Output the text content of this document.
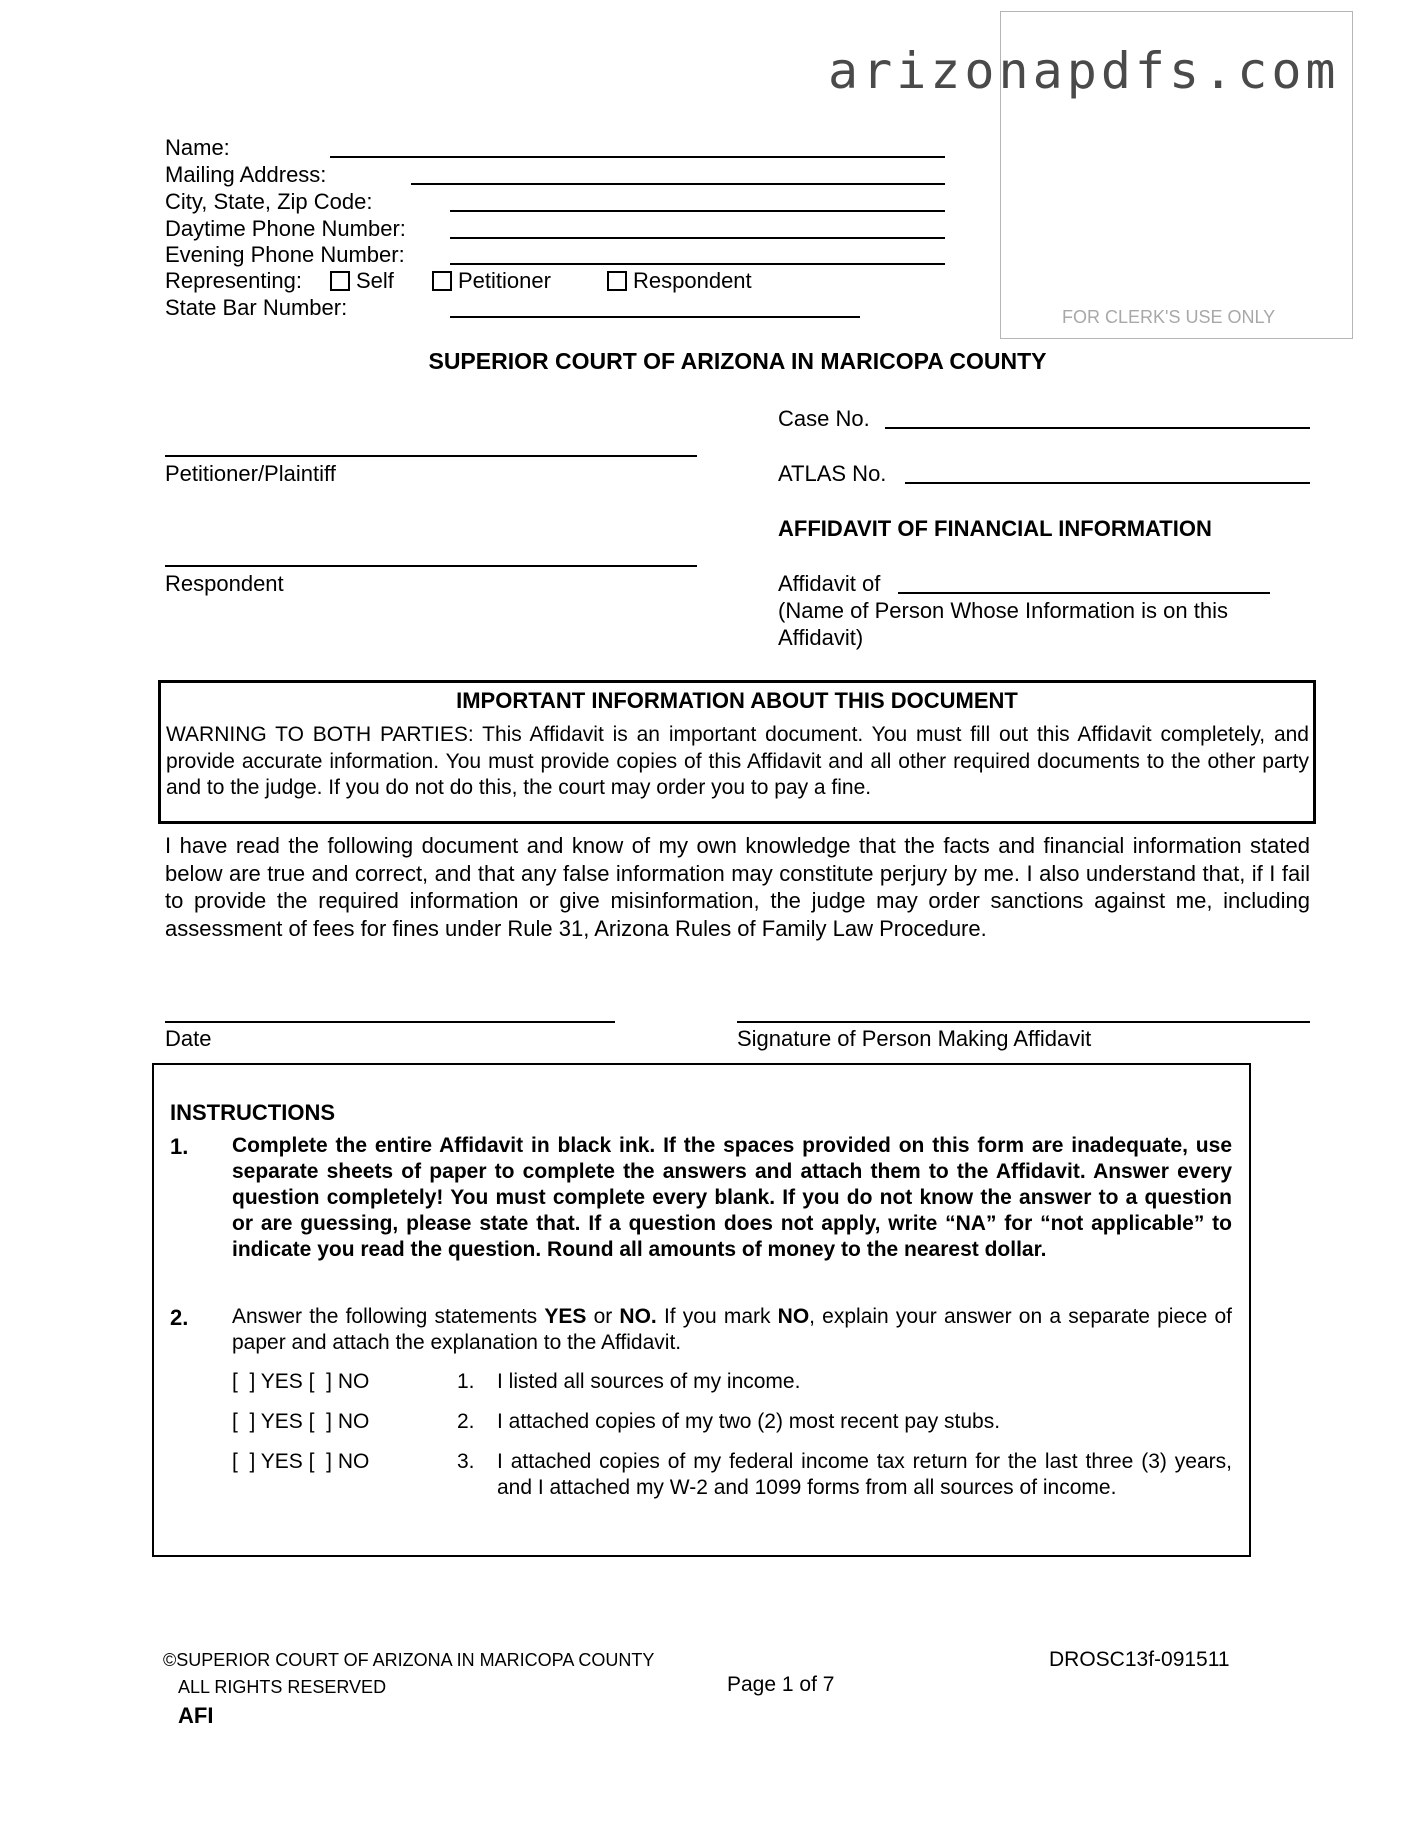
FOR CLERK'S USE ONLY
arizonapdfs.com
Name:
Mailing Address:
City, State, Zip Code:
Daytime Phone Number:
Evening Phone Number:
Representing:	Self	Petitioner	Respondent
State Bar Number:
SUPERIOR COURT OF ARIZONA IN MARICOPA COUNTY
Petitioner/Plaintiff
Respondent
Case No.
ATLAS No.
AFFIDAVIT OF FINANCIAL INFORMATION
Affidavit of
(Name of Person Whose Information is on this Affidavit)
IMPORTANT INFORMATION ABOUT THIS DOCUMENT
WARNING TO BOTH PARTIES: This Affidavit is an important document. You must fill out this Affidavit completely, and provide accurate information. You must provide copies of this Affidavit and all other required documents to the other party and to the judge. If you do not do this, the court may order you to pay a fine.
I have read the following document and know of my own knowledge that the facts and financial information stated below are true and correct, and that any false information may constitute perjury by me. I also understand that, if I fail to provide the required information or give misinformation, the judge may order sanctions against me, including assessment of fees for fines under Rule 31, Arizona Rules of Family Law Procedure.
Date	Signature of Person Making Affidavit
INSTRUCTIONS
1. Complete the entire Affidavit in black ink. If the spaces provided on this form are inadequate, use separate sheets of paper to complete the answers and attach them to the Affidavit. Answer every question completely! You must complete every blank. If you do not know the answer to a question or are guessing, please state that. If a question does not apply, write “NA” for “not applicable” to indicate you read the question. Round all amounts of money to the nearest dollar.
2. Answer the following statements YES or NO. If you mark NO, explain your answer on a separate piece of paper and attach the explanation to the Affidavit.
[  ] YES [  ] NO	1. I listed all sources of my income.
[  ] YES [  ] NO	2. I attached copies of my two (2) most recent pay stubs.
[  ] YES [  ] NO	3. I attached copies of my federal income tax return for the last three (3) years, and I attached my W-2 and 1099 forms from all sources of income.
©SUPERIOR COURT OF ARIZONA IN MARICOPA COUNTY
ALL RIGHTS RESERVED
AFI
Page 1 of 7
DROSC13f-091511
